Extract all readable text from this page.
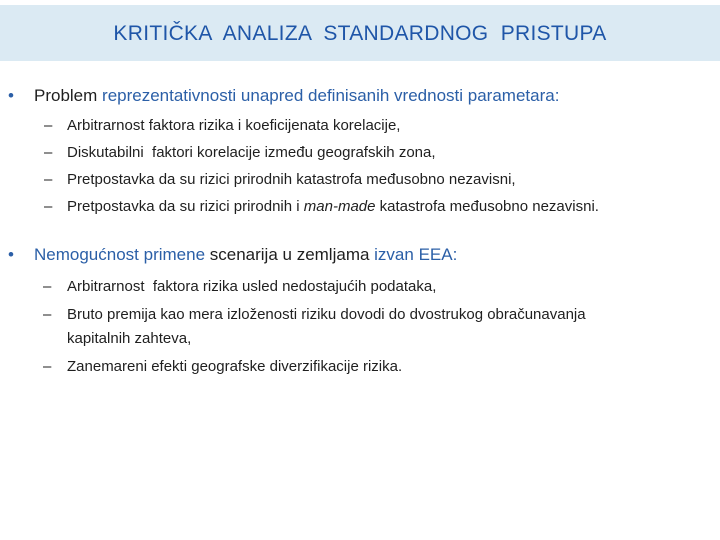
KRITIČKA  ANALIZA  STANDARDNOG  PRISTUPA

•

Problem reprezentativnosti unapred definisanih vrednosti parametara:

–

Arbitrarnost faktora rizika i koeficijenata korelacije,

–

Diskutabilni  faktori korelacije između geografskih zona,

–

Pretpostavka da su rizici prirodnih katastrofa međusobno nezavisni,

–

Pretpostavka da su rizici prirodnih i man-made katastrofa međusobno nezavisni.

•

Nemogućnost primene scenarija u zemljama izvan EEA:

–

Arbitrarnost  faktora rizika usled nedostajućih podataka,

–

Bruto premija kao mera izloženosti riziku dovodi do dvostrukog obračunavanja

kapitalnih zahteva,

–

Zanemareni efekti geografske diverzifikacije rizika.
